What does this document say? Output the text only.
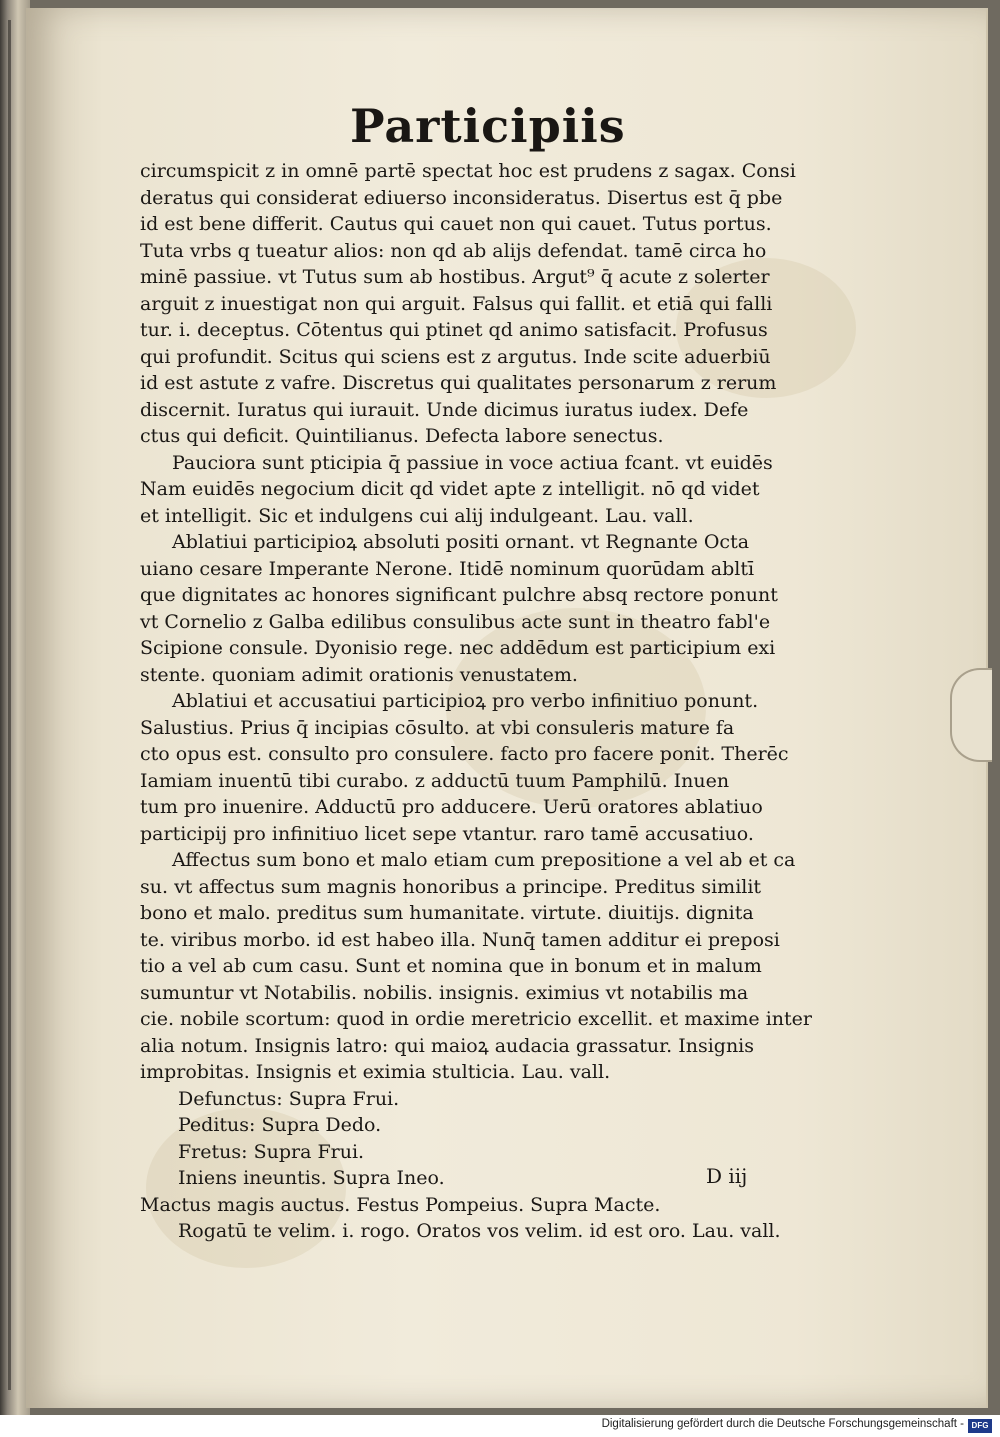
Participiis
circumspicit z in omnē partē spectat hoc est prudens z sagax. Consi
deratus qui considerat ediuerso inconsideratus. Disertus est q̄ pbe
id est bene differit. Cautus qui cauet non qui cauet. Tutus portus.
Tuta vrbs q tueatur alios: non qd ab alijs defendat. tamē circa ho
minē passiue. vt Tutus sum ab hostibus. Argut⁹ q̄ acute z solerter
arguit z inuestigat non qui arguit. Falsus qui fallit. et etiā qui falli
tur. i. deceptus. Cōtentus qui ptinet qd animo satisfacit. Profusus
qui profundit. Scitus qui sciens est z argutus. Inde scite aduerbiū
id est astute z vafre. Discretus qui qualitates personarum z rerum
discernit. Iuratus qui iurauit. Unde dicimus iuratus iudex. Defe
ctus qui deficit. Quintilianus. Defecta labore senectus.
Pauciora sunt pticipia q̄ passiue in voce actiua fcant. vt euidēs
Nam euidēs negocium dicit qd videt apte z intelligit. nō qd videt
et intelligit. Sic et indulgens cui alij indulgeant. Lau. vall.
Ablatiui participioꝝ absoluti positi ornant. vt Regnante Octa
uiano cesare Imperante Nerone. Itidē nominum quorūdam abltī
que dignitates ac honores significant pulchre absq rectore ponunt
vt Cornelio z Galba edilibus consulibus acte sunt in theatro fabl'e
Scipione consule. Dyonisio rege. nec addēdum est participium exi
stente. quoniam adimit orationis venustatem.
Ablatiui et accusatiui participioꝝ pro verbo infinitiuo ponunt.
Salustius. Prius q̄ incipias cōsulto. at vbi consuleris mature fa
cto opus est. consulto pro consulere. facto pro facere ponit. Therēc
Iamiam inuentū tibi curabo. z adductū tuum Pamphilū. Inuen
tum pro inuenire. Adductū pro adducere. Uerū oratores ablatiuo
participij pro infinitiuo licet sepe vtantur. raro tamē accusatiuo.
Affectus sum bono et malo etiam cum prepositione a vel ab et ca
su. vt affectus sum magnis honoribus a principe. Preditus similit
bono et malo. preditus sum humanitate. virtute. diuitijs. dignita
te. viribus morbo. id est habeo illa. Nunq̄ tamen additur ei preposi
tio a vel ab cum casu. Sunt et nomina que in bonum et in malum
sumuntur vt Notabilis. nobilis. insignis. eximius vt notabilis ma
cie. nobile scortum: quod in ordie meretricio excellit. et maxime inter
alia notum. Insignis latro: qui maioꝝ audacia grassatur. Insignis
improbitas. Insignis et eximia stulticia. Lau. vall.
Defunctus: Supra Frui.
Peditus: Supra Dedo.
Fretus: Supra Frui.
Iniens ineuntis. Supra Ineo.
Mactus magis auctus. Festus Pompeius. Supra Macte.
Rogatū te velim. i. rogo. Oratos vos velim. id est oro. Lau. vall.
D iij
Digitalisierung gefördert durch die Deutsche Forschungsgemeinschaft - DFG
